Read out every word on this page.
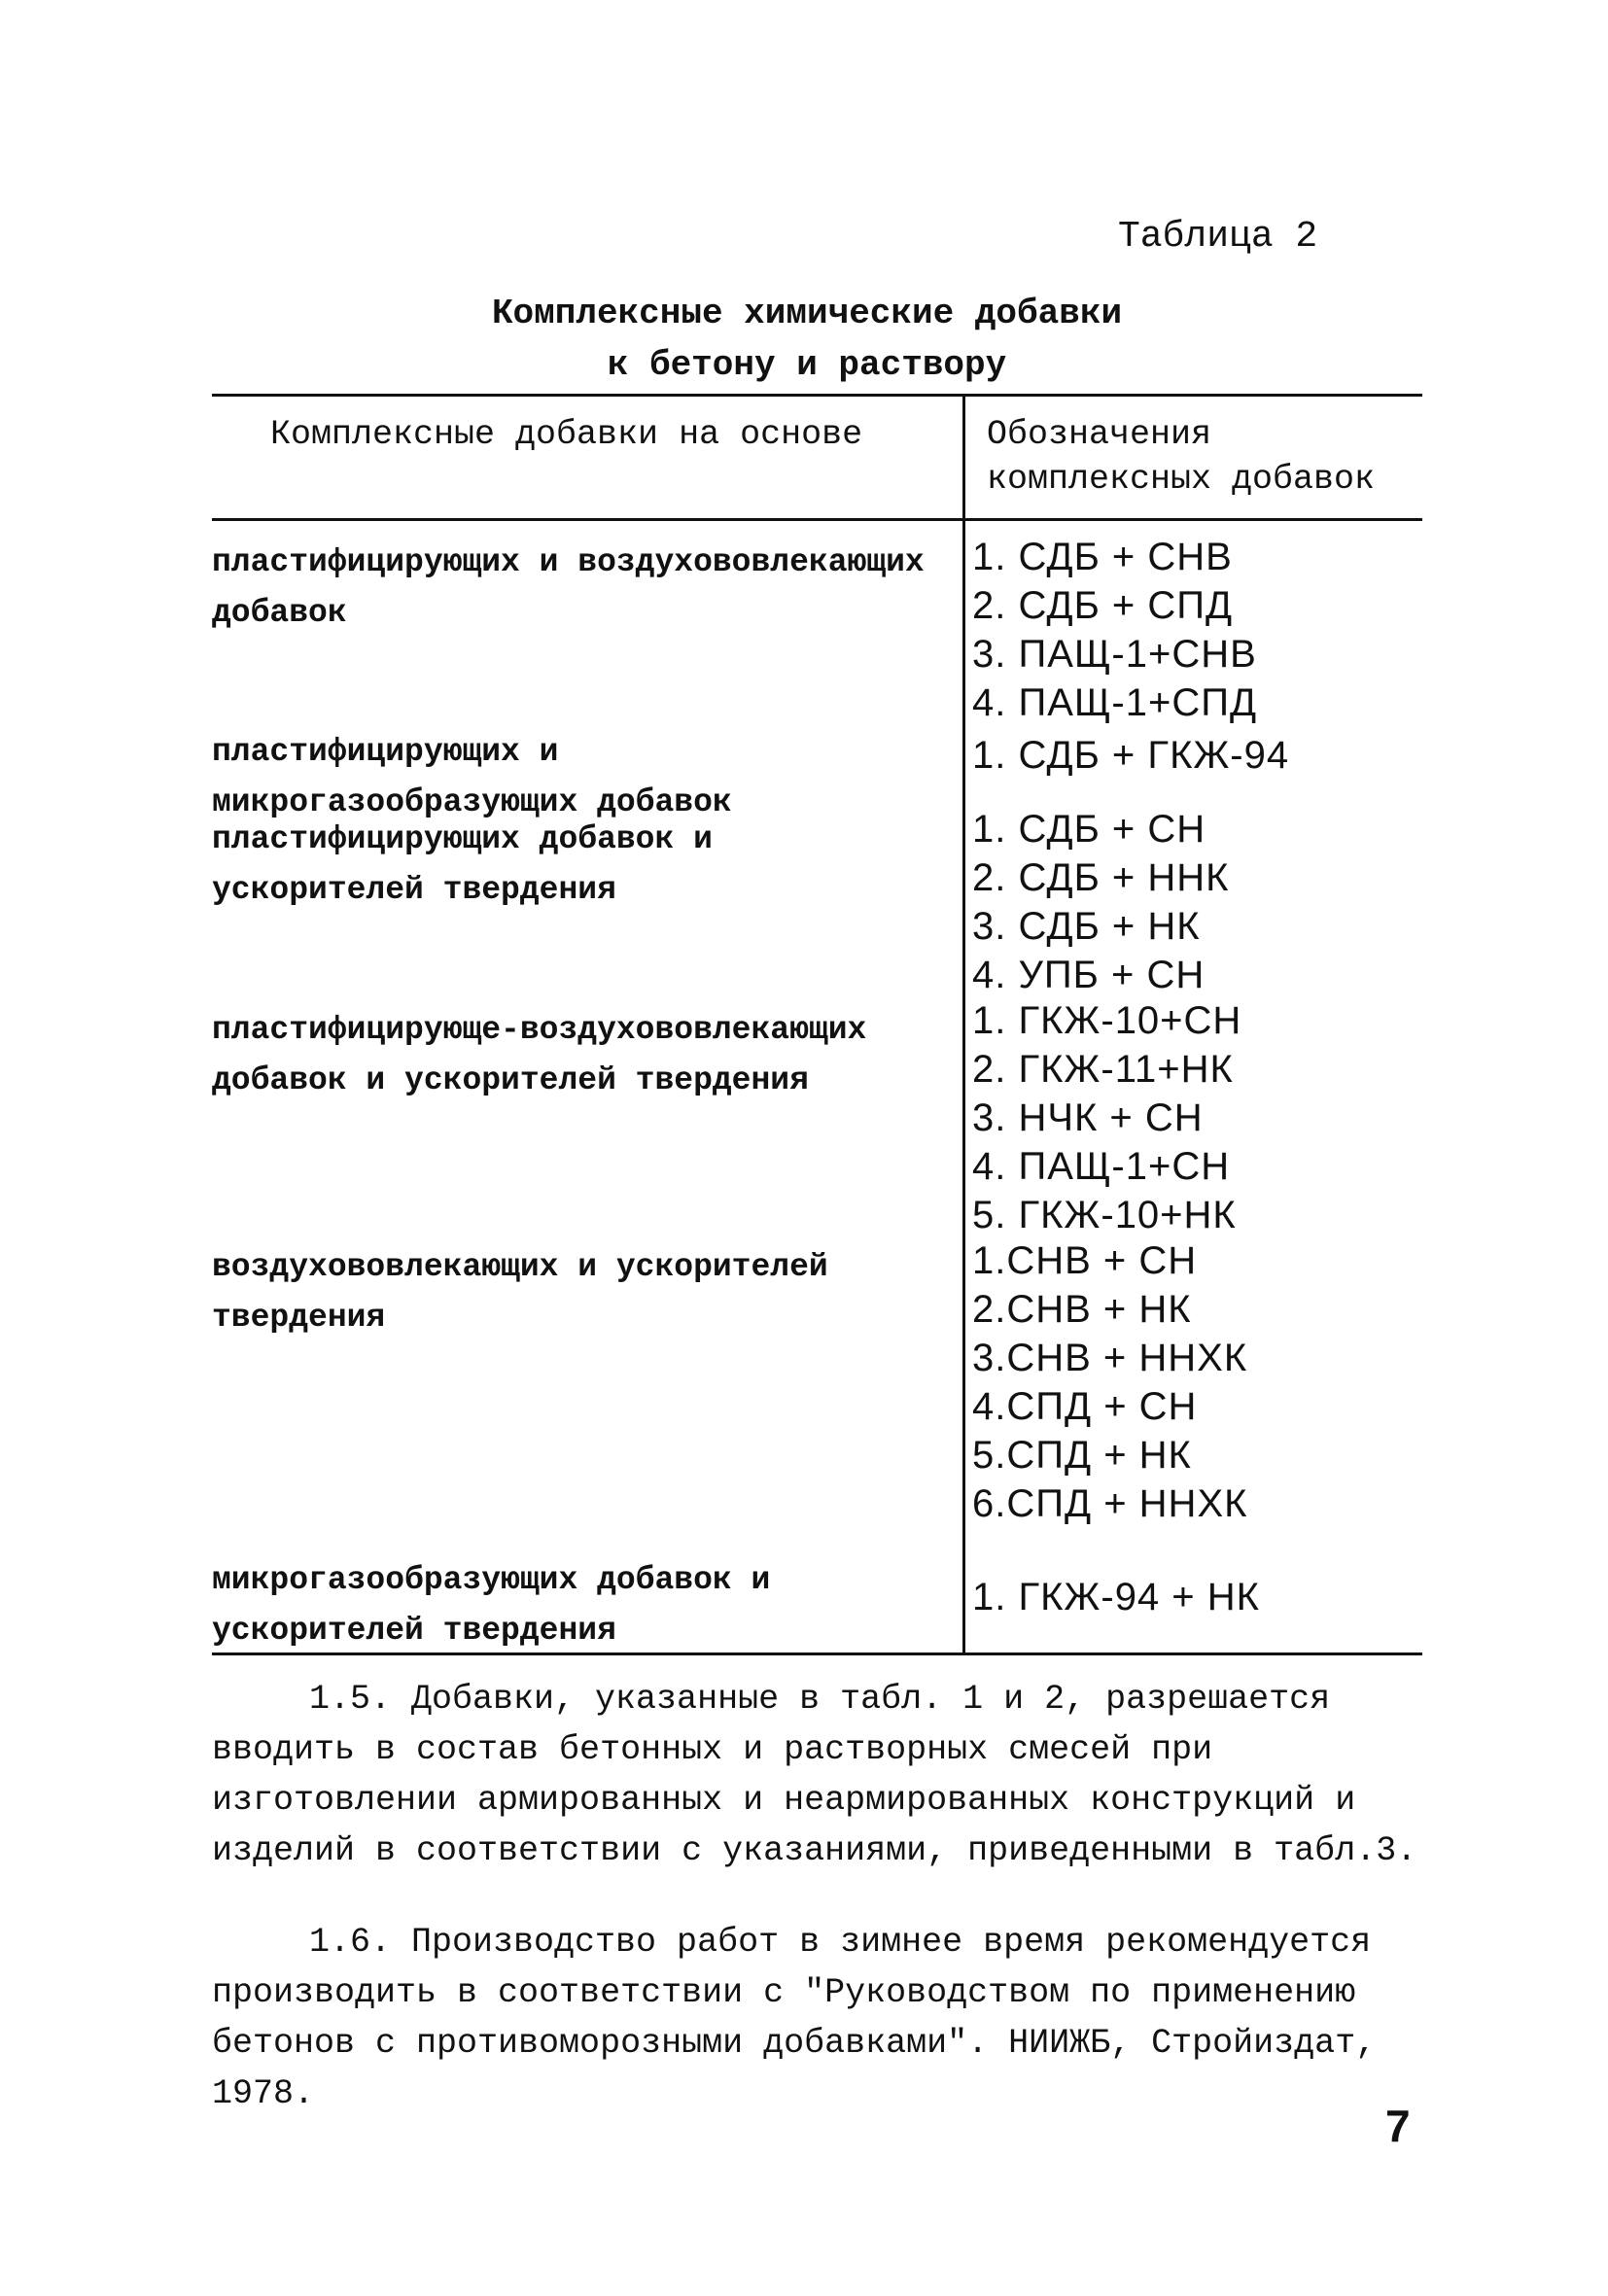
Таблица 2
Комплексные химические добавки
к бетону и раствору
Комплексные добавки на основе	Обозначения комплексных добавок
пластифицирующих и воздухововлекающих добавок
1. СДБ + СНВ
2. СДБ + СПД
3. ПАЩ-1+СНВ
4. ПАЩ-1+СПД
пластифицирующих и микрогазообразующих добавок
1. СДБ + ГКЖ-94
пластифицирующих добавок и ускорителей твердения
1. СДБ + СН
2. СДБ + ННК
3. СДБ + НК
4. УПБ + СН
пластифицирующе-воздухововлекающих добавок и ускорителей твердения
1. ГКЖ-10+СН
2. ГКЖ-11+НК
3. НЧК + СН
4. ПАЩ-1+СН
5. ГКЖ-10+НК
воздухововлекающих и ускорителей твердения
1.СНВ + СН
2.СНВ + НК
3.СНВ + ННХК
4.СПД + СН
5.СПД + НК
6.СПД + ННХК
микрогазообразующих добавок и ускорителей твердения
1. ГКЖ-94 + НК
1.5. Добавки, указанные в табл. 1 и 2, разрешается вводить в состав бетонных и растворных смесей при изготовлении армированных и неармированных конструкций и изделий в соответствии с указаниями, приведенными в табл.3.
1.6. Производство работ в зимнее время рекомендуется производить в соответствии с "Руководством по применению бетонов с противоморозными добавками". НИИЖБ, Стройиздат, 1978.
7
